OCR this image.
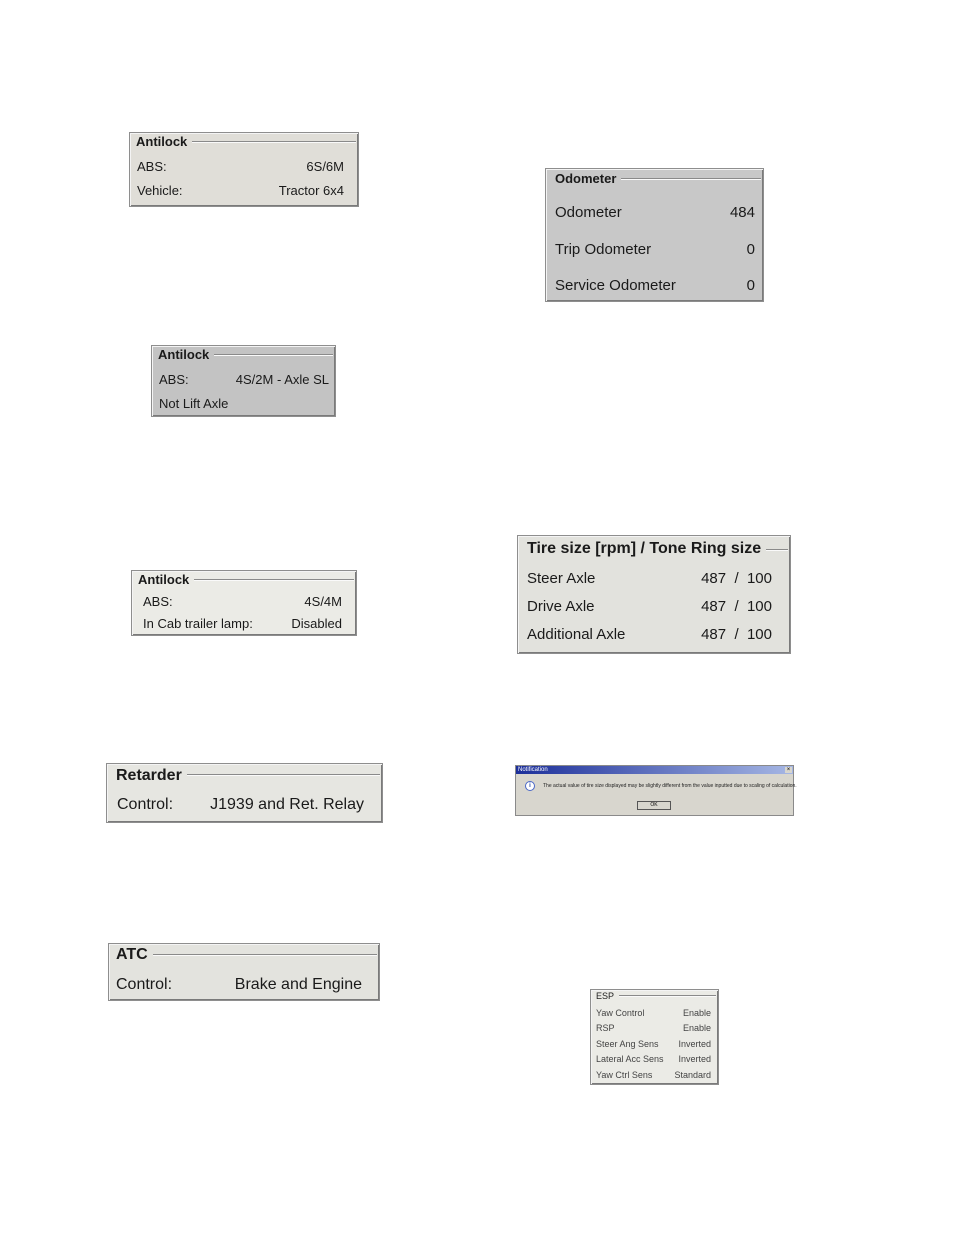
Antilock
ABS:	6S/6M
Vehicle:	Tractor 6x4
Antilock
ABS:	4S/2M - Axle SL
Not Lift Axle
Antilock
ABS:	4S/4M
In Cab trailer lamp:	Disabled
Retarder
Control: J1939 and Ret. Relay
ATC
Control:	Brake and Engine
Odometer
Odometer	484
Trip Odometer	0
Service Odometer	0
Tire size [rpm] / Tone Ring size
Steer Axle	487  /  100
Drive Axle	487  /  100
Additional Axle	487  /  100
Notification	×
i	The actual value of tire size displayed may be slightly different from the value inputted due to scaling of calculation.
OK
ESP
Yaw Control	Enable
RSP	Enable
Steer Ang Sens Inverted
Lateral Acc Sens Inverted
Yaw Ctrl Sens Standard
